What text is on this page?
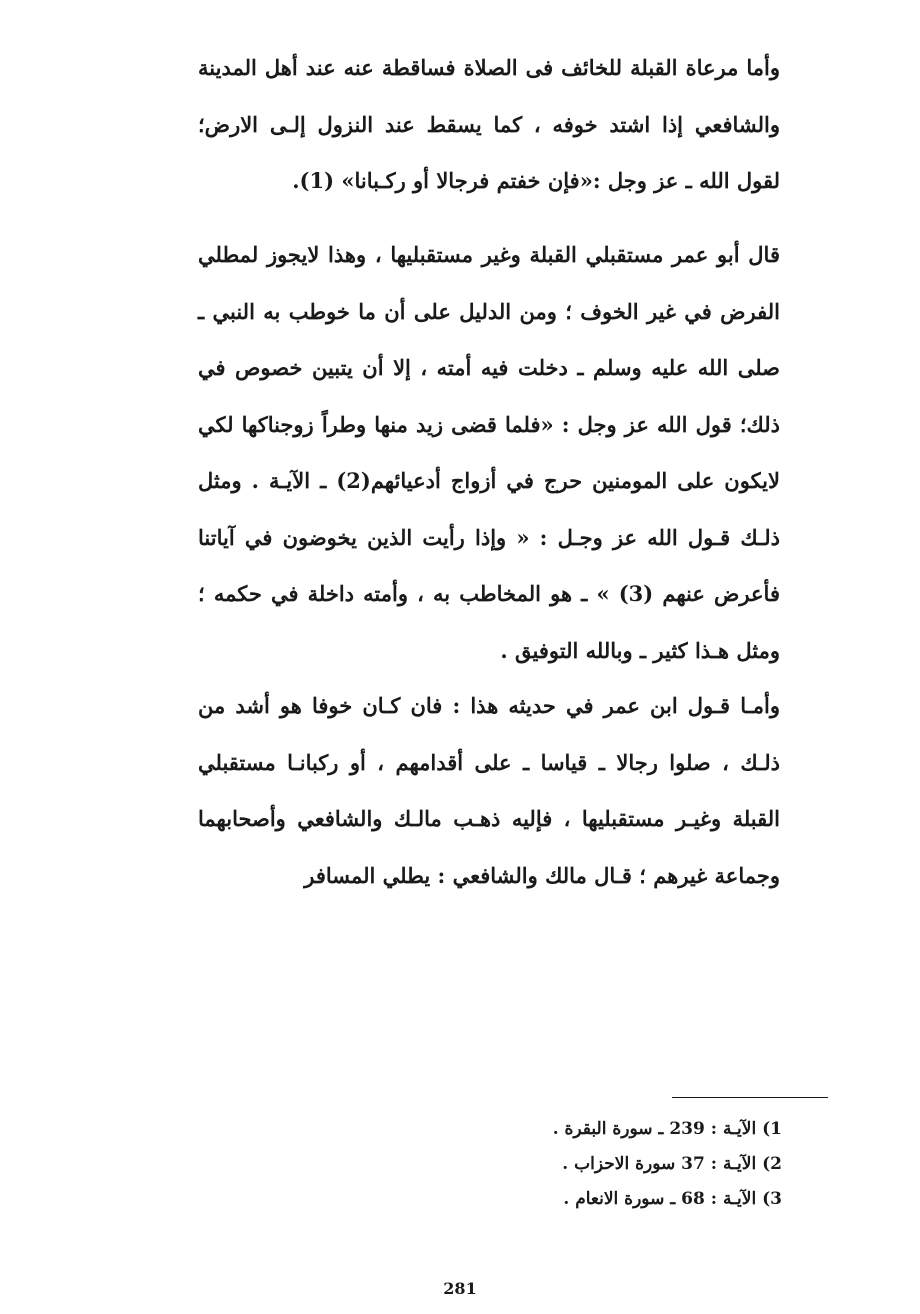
وأما مرعاة القبلة للخائف فى الصلاة فساقطة عنه عند أهل المدينة والشافعي إذا اشتد خوفه ، كما يسقط عند النزول إلـى الارض؛ لقول الله ـ عز وجل :«فإن خفتم فرجالا أو ركـبانا» (1).

قال أبو عمر مستقبلي القبلة وغير مستقبليها ، وهذا لايجوز لمطلي الفرض في غير الخوف ؛ ومن الدليل على أن ما خوطب به النبي ـ صلى الله عليه وسلم ـ دخلت فيه أمته ، إلا أن يتبين خصوص في ذلك؛ قول الله عز وجل : «فلما قضى زيد منها وطراً زوجناكها لكي لايكون على المومنين حرج في أزواج أدعيائهم(2) ـ الآيـة . ومثل ذلـك قـول الله عز وجـل : « وإذا رأيت الذين يخوضون في آياتنا فأعرض عنهم (3) » ـ هو المخاطب به ، وأمته داخلة في حكمه ؛ ومثل هـذا كثير ـ وبالله التوفيق .

وأمـا قـول ابن عمر في حديثه هذا : فان كـان خوفا هو أشد من ذلـك ، صلوا رجالا ـ قياسا ـ على أقدامهم ، أو ركبانـا مستقبلي القبلة وغيـر مستقبليها ، فإليه ذهـب مالـك والشافعي وأصحابهما وجماعة غيرهم ؛ قـال مالك والشافعي : يطلي المسافر

1) الآيـة : 239 ـ سورة البقرة .
2) الآيـة : 37 سورة الاحزاب .
3) الآيـة : 68 ـ سورة الانعام .
281
